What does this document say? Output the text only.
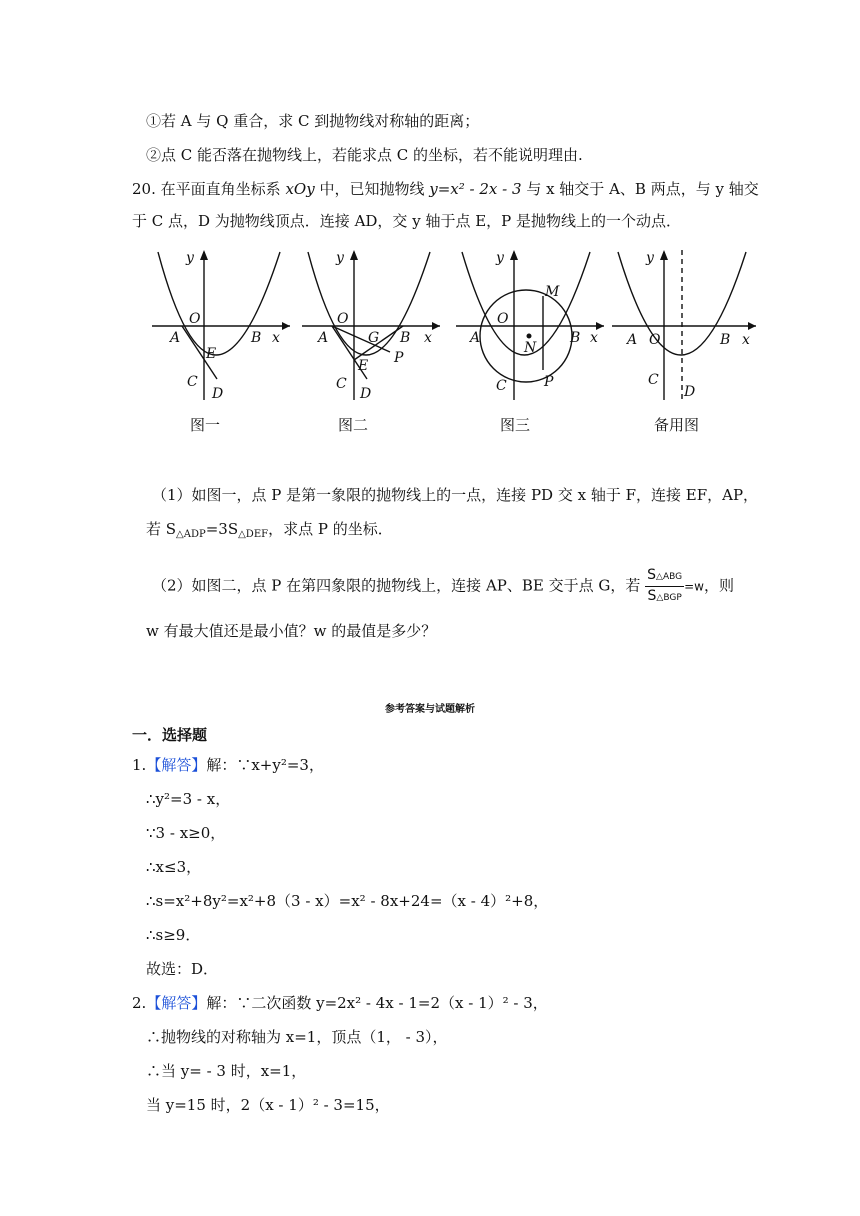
①若 A 与 Q 重合，求 C 到抛物线对称轴的距离；
②点 C 能否落在抛物线上，若能求点 C 的坐标，若不能说明理由.
20. 在平面直角坐标系 xOy 中，已知抛物线 y=x² - 2x - 3 与 x 轴交于 A、B 两点，与 y 轴交
于 C 点，D 为抛物线顶点．连接 AD，交 y 轴于点 E，P 是抛物线上的一个动点．
y
x
O
A	B
E
C
D
图一
y
x
O
A	B
G
P
E
C
D
图二
y
x
O
A	B
M
N
C	P
图三
y
x
O
A	B
C
D
备用图
（1）如图一，点 P 是第一象限的抛物线上的一点，连接 PD 交 x 轴于 F，连接 EF，AP，
若 $S_{\triangle ADP}=3S_{\triangle DEF}$，求点 P 的坐标．
（2）如图二，点 P 在第四象限的抛物线上，连接 AP、BE 交于点 G，若 $\frac{\text{S△ABG}}{\text{S△BGP}} =w$，则
w 有最大值还是最小值？w 的最值是多少？
参考答案与试题解析
一．选择题
1.【解答】解：∵x+y²=3，
∴y²=3 - x，
∵3 - x≥0，
∴x≤3，
∴s=x²+8y²=x²+8（3 - x）=x² - 8x+24=（x - 4）²+8，
∴s≥9．
故选：D．
2.【解答】解：∵二次函数 y=2x² - 4x - 1=2（x - 1）² - 3，
∴抛物线的对称轴为 x=1，顶点（1， - 3），
∴当 y= - 3 时，x=1，
当 y=15 时，2（x - 1）² - 3=15，
